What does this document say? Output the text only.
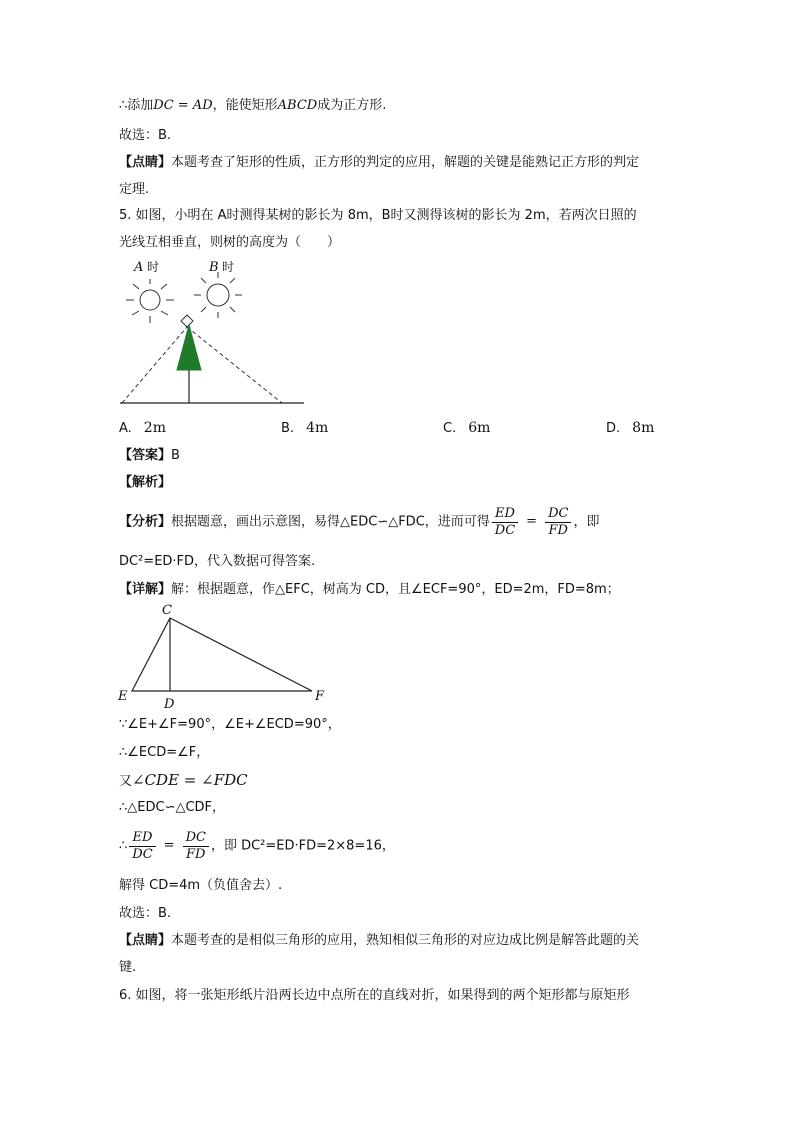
∴添加DC = AD，能使矩形ABCD成为正方形.
故选：B.
【点睛】本题考查了矩形的性质，正方形的判定的应用，解题的关键是能熟记正方形的判定
定理.
5. 如图，小明在 A时测得某树的影长为 8m，B时又测得该树的影长为 2m，若两次日照的
光线互相垂直，则树的高度为（　　）
A 时	B 时
A. 2m	B. 4m	C. 6m	D. 8m
【答案】B
【解析】
【分析】根据题意，画出示意图，易得△EDC∽△FDC，进而可得 $\frac{ED}{DC} = \frac{DC}{FD}$ ，即
DC²=ED·FD，代入数据可得答案.
【详解】解：根据题意，作△EFC，树高为 CD，且∠ECF=90°，ED=2m，FD=8m；
C
E
D
F
∵∠E+∠F=90°，∠E+∠ECD=90°，
∴∠ECD=∠F，
又∠CDE = ∠FDC
∴△EDC∽△CDF，
∴ $\frac{ED}{DC} = \frac{DC}{FD}$ ，即 DC²=ED·FD=2×8=16，
解得 CD=4m（负值舍去）.
故选：B.
【点睛】本题考查的是相似三角形的应用，熟知相似三角形的对应边成比例是解答此题的关
键.
6. 如图，将一张矩形纸片沿两长边中点所在的直线对折，如果得到的两个矩形都与原矩形
